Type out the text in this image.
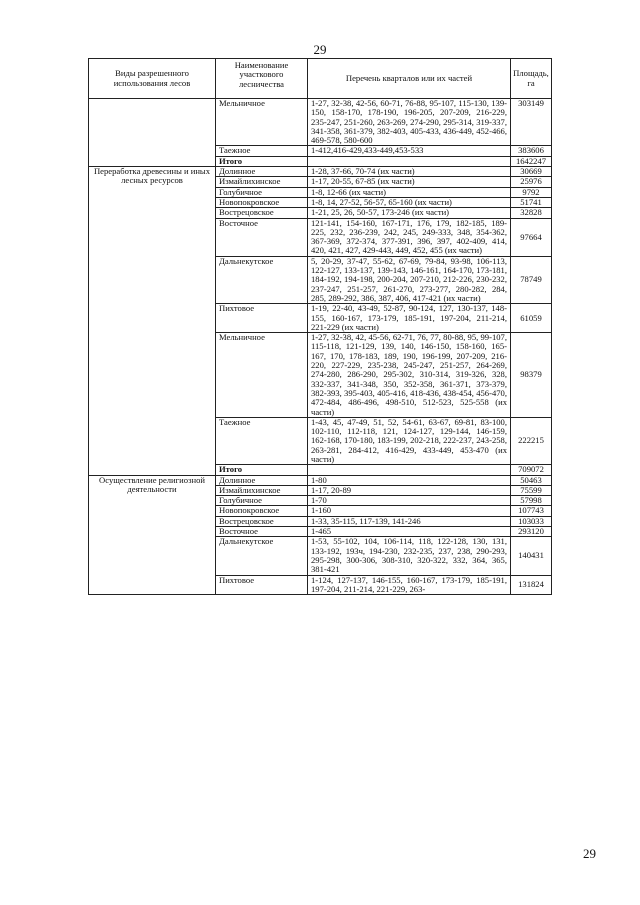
29
Виды разрешенного использования лесов	Наименование участкового лесничества	Перечень кварталов или их частей	Площадь, га
	Мельничное	1-27, 32-38, 42-56, 60-71, 76-88, 95-107, 115-130, 139-150, 158-170, 178-190, 196-205, 207-209, 216-229, 235-247, 251-260, 263-269, 274-290, 295-314, 319-337, 341-358, 361-379, 382-403, 405-433, 436-449, 452-466, 469-578, 580-600	303149
	Таежное	1-412,416-429,433-449,453-533	383606
	Итого		1642247
Переработка древесины и иных лесных ресурсов	Долинное	1-28, 37-66, 70-74 (их части)	30669
	Измайлихинское	1-17, 20-55, 67-85 (их части)	25976
	Голубичное	1-8, 12-66 (их части)	9792
	Новопокровское	1-8, 14, 27-52, 56-57, 65-160 (их части)	51741
	Вострецовское	1-21, 25, 26, 50-57, 173-246 (их части)	32828
	Восточное	121-141, 154-160, 167-171, 176, 179, 182-185, 189-225, 232, 236-239, 242, 245, 249-333, 348, 354-362, 367-369, 372-374, 377-391, 396, 397, 402-409, 414, 420, 421, 427, 429-443, 449, 452, 455 (их части)	97664
	Дальнекутское	5, 20-29, 37-47, 55-62, 67-69, 79-84, 93-98, 106-113, 122-127, 133-137, 139-143, 146-161, 164-170, 173-181, 184-192, 194-198, 200-204, 207-210, 212-226, 230-232, 237-247, 251-257, 261-270, 273-277, 280-282, 284, 285, 289-292, 386, 387, 406, 417-421 (их части)	78749
	Пихтовое	1-19, 22-40, 43-49, 52-87, 90-124, 127, 130-137, 148-155, 160-167, 173-179, 185-191, 197-204, 211-214, 221-229 (их части)	61059
	Мельничное	1-27, 32-38, 42, 45-56, 62-71, 76, 77, 80-88, 95, 99-107, 115-118, 121-129, 139, 140, 146-150, 158-160, 165-167, 170, 178-183, 189, 190, 196-199, 207-209, 216-220, 227-229, 235-238, 245-247, 251-257, 264-269, 274-280, 286-290, 295-302, 310-314, 319-326, 328, 332-337, 341-348, 350, 352-358, 361-371, 373-379, 382-393, 395-403, 405-416, 418-436, 438-454, 456-470, 472-484, 486-496, 498-510, 512-523, 525-558 (их части)	98379
	Таежное	1-43, 45, 47-49, 51, 52, 54-61, 63-67, 69-81, 83-100, 102-110, 112-118, 121, 124-127, 129-144, 146-159, 162-168, 170-180, 183-199, 202-218, 222-237, 243-258, 263-281, 284-412, 416-429, 433-449, 453-470 (их части)	222215
	Итого		709072
Осуществление религиозной деятельности	Долинное	1-80	50463
	Измайлихинское	1-17, 20-89	75599
	Голубичное	1-70	57998
	Новопокровское	1-160	107743
	Вострецовское	1-33, 35-115, 117-139, 141-246	103033
	Восточное	1-465	293120
	Дальнекутское	1-53, 55-102, 104, 106-114, 118, 122-128, 130, 131, 133-192, 193ч, 194-230, 232-235, 237, 238, 290-293, 295-298, 300-306, 308-310, 320-322, 332, 364, 365, 381-421	140431
	Пихтовое	1-124, 127-137, 146-155, 160-167, 173-179, 185-191, 197-204, 211-214, 221-229, 263-	131824
29
